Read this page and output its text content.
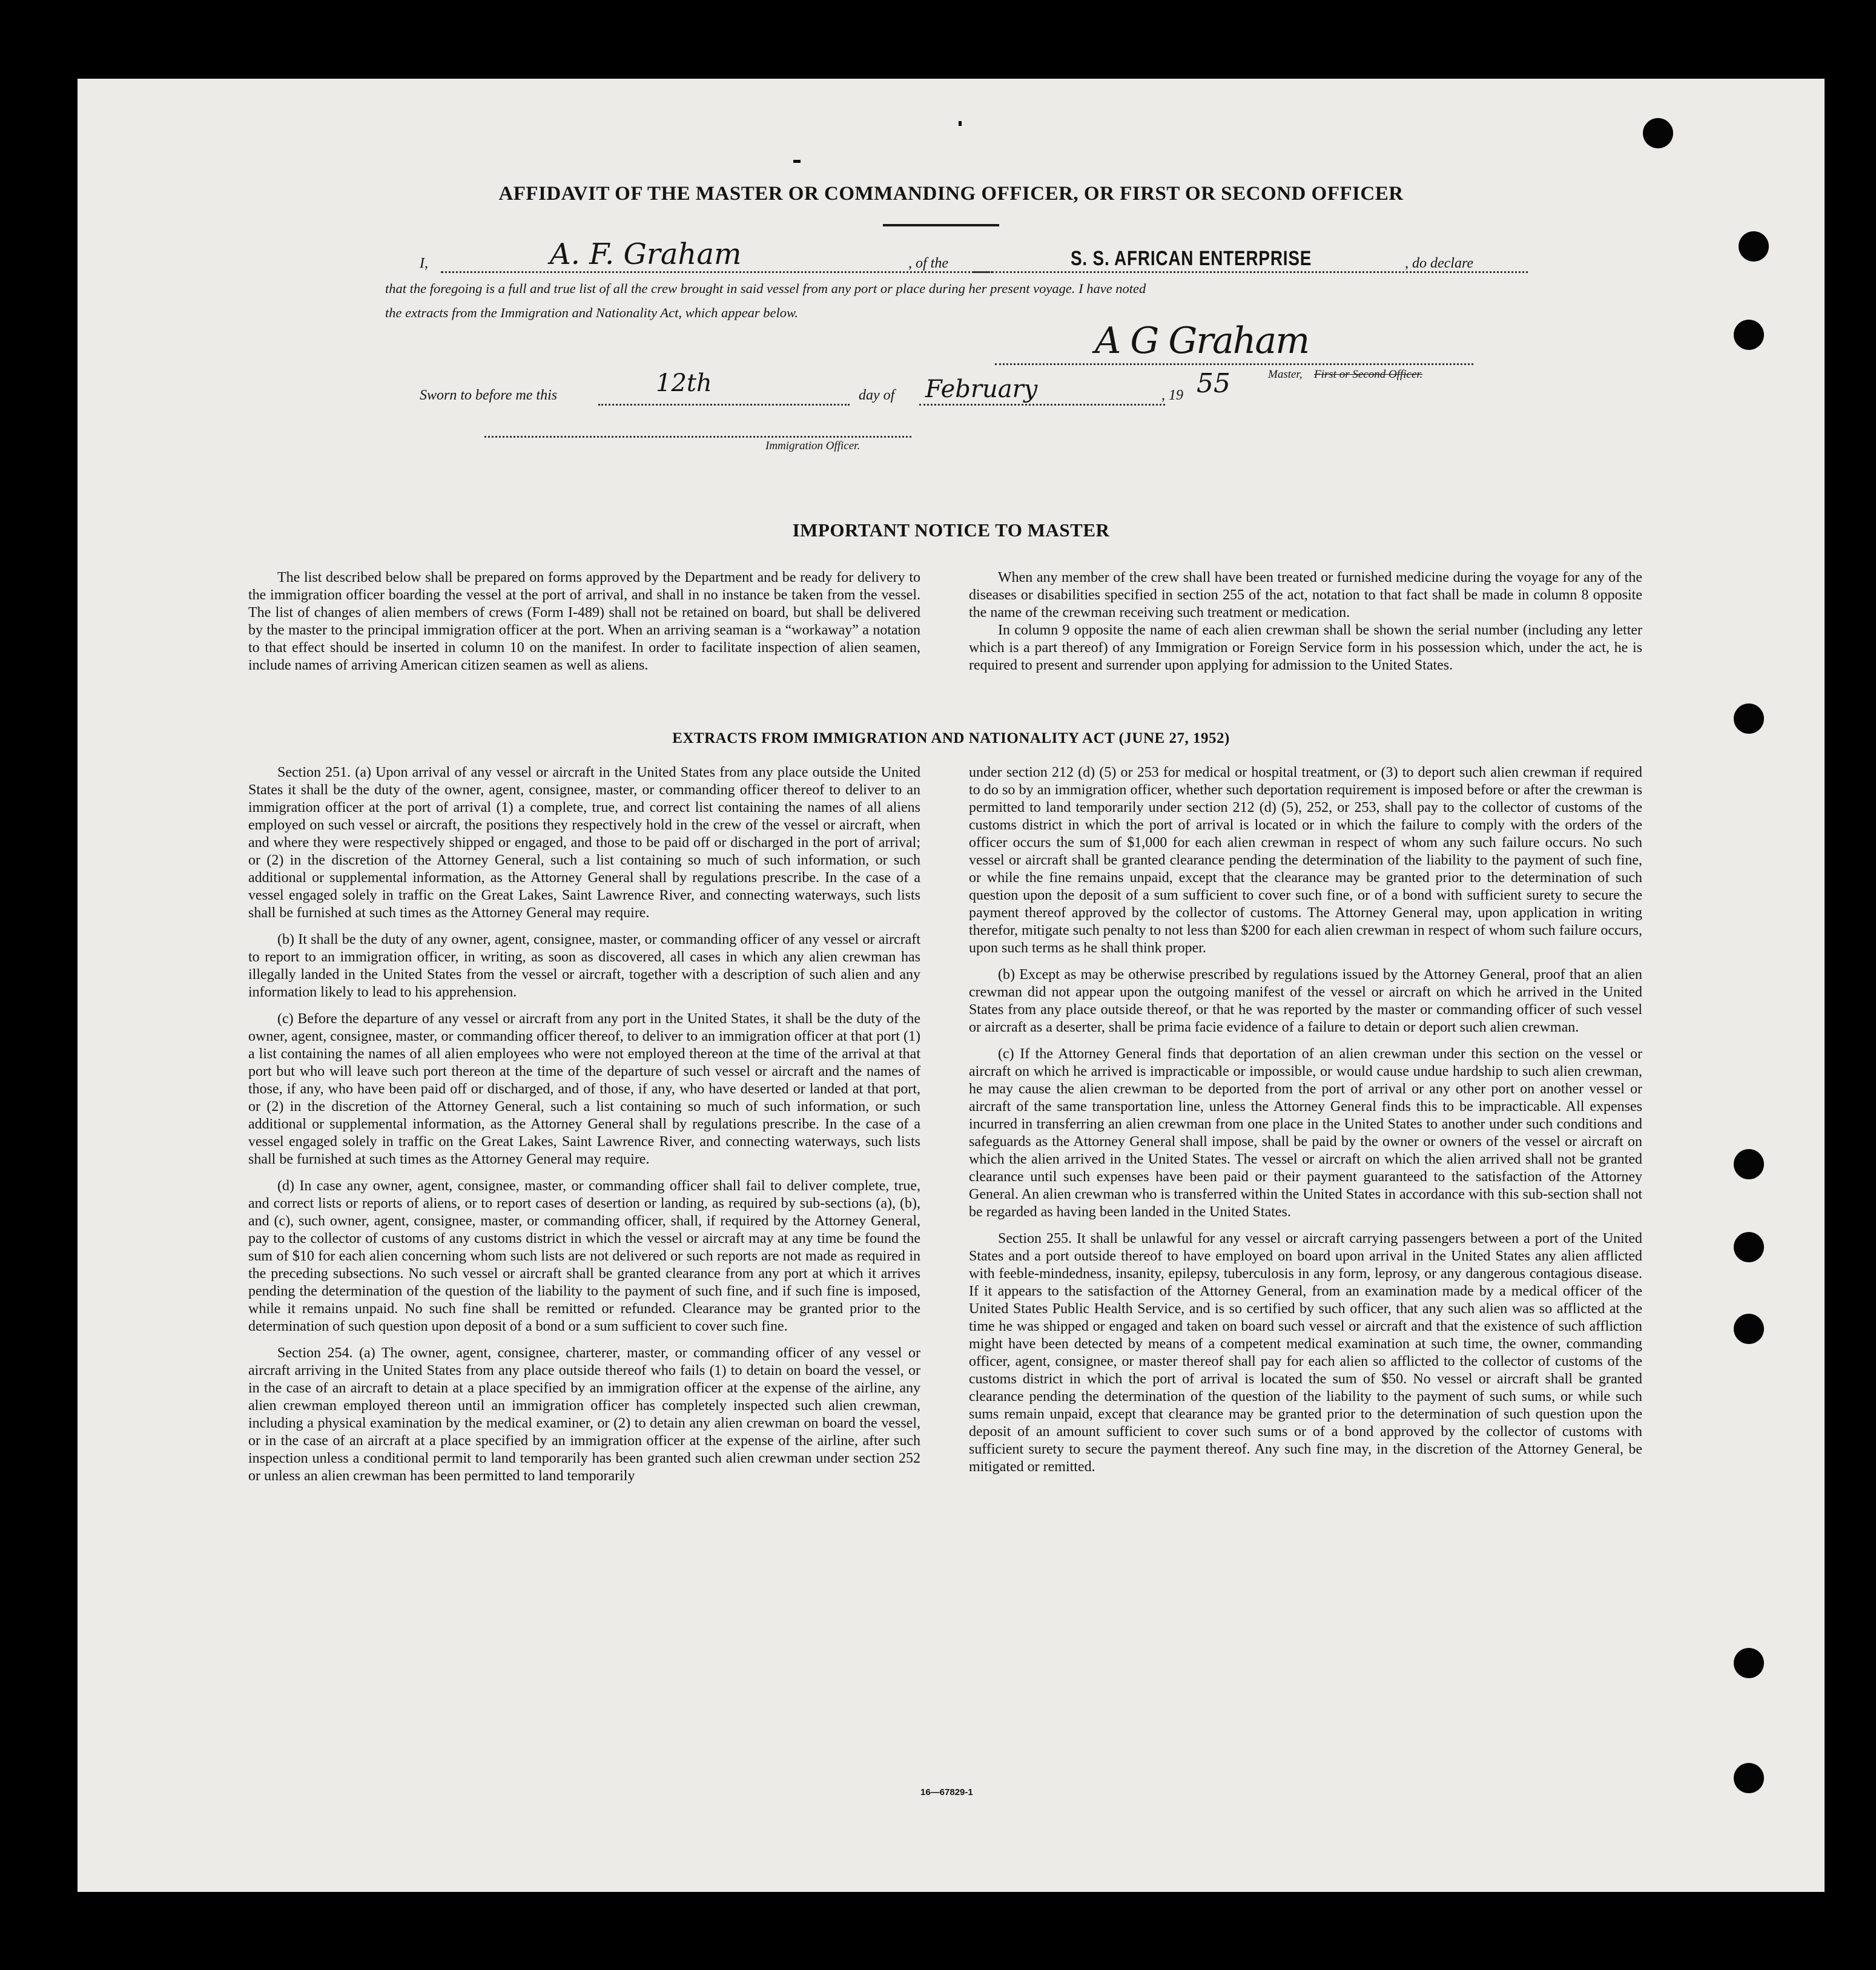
AFFIDAVIT OF THE MASTER OR COMMANDING OFFICER, OR FIRST OR SECOND OFFICER
I,	A. F. Graham	, of the	S. S. AFRICAN ENTERPRISE	, do declare
that the foregoing is a full and true list of all the crew brought in said vessel from any port or place during her present voyage. I have noted
the extracts from the Immigration and Nationality Act, which appear below.
A G Graham
Master, First or Second Officer.
Sworn to before me this	12th	day of February	, 19 55
Immigration Officer.
IMPORTANT NOTICE TO MASTER

The list described below shall be prepared on forms approved by the Department and be ready for delivery to the immigration officer boarding the vessel at the port of arrival, and shall in no instance be taken from the vessel. The list of changes of alien members of crews (Form I-489) shall not be retained on board, but shall be delivered by the master to the principal immigration officer at the port. When an arriving seaman is a “workaway” a notation to that effect should be inserted in column 10 on the manifest. In order to facilitate inspection of alien seamen, include names of arriving American citizen seamen as well as aliens.

When any member of the crew shall have been treated or furnished medicine during the voyage for any of the diseases or disabilities specified in section 255 of the act, notation to that fact shall be made in column 8 opposite the name of the crewman receiving such treatment or medication.

In column 9 opposite the name of each alien crewman shall be shown the serial number (including any letter which is a part thereof) of any Immigration or Foreign Service form in his possession which, under the act, he is required to present and surrender upon applying for admission to the United States.

EXTRACTS FROM IMMIGRATION AND NATIONALITY ACT (JUNE 27, 1952)

Section 251. (a) Upon arrival of any vessel or aircraft in the United States from any place outside the United States it shall be the duty of the owner, agent, consignee, master, or commanding officer thereof to deliver to an immigration officer at the port of arrival (1) a complete, true, and correct list containing the names of all aliens employed on such vessel or aircraft, the positions they respectively hold in the crew of the vessel or aircraft, when and where they were respectively shipped or engaged, and those to be paid off or discharged in the port of arrival; or (2) in the discretion of the Attorney General, such a list containing so much of such information, or such additional or supplemental information, as the Attorney General shall by regulations prescribe. In the case of a vessel engaged solely in traffic on the Great Lakes, Saint Lawrence River, and connecting waterways, such lists shall be furnished at such times as the Attorney General may require.

(b) It shall be the duty of any owner, agent, consignee, master, or commanding officer of any vessel or aircraft to report to an immigration officer, in writing, as soon as discovered, all cases in which any alien crewman has illegally landed in the United States from the vessel or aircraft, together with a description of such alien and any information likely to lead to his apprehension.

(c) Before the departure of any vessel or aircraft from any port in the United States, it shall be the duty of the owner, agent, consignee, master, or commanding officer thereof, to deliver to an immigration officer at that port (1) a list containing the names of all alien employees who were not employed thereon at the time of the arrival at that port but who will leave such port thereon at the time of the departure of such vessel or aircraft and the names of those, if any, who have been paid off or discharged, and of those, if any, who have deserted or landed at that port, or (2) in the discretion of the Attorney General, such a list containing so much of such information, or such additional or supplemental information, as the Attorney General shall by regulations prescribe. In the case of a vessel engaged solely in traffic on the Great Lakes, Saint Lawrence River, and connecting waterways, such lists shall be furnished at such times as the Attorney General may require.

(d) In case any owner, agent, consignee, master, or commanding officer shall fail to deliver complete, true, and correct lists or reports of aliens, or to report cases of desertion or landing, as required by sub-sections (a), (b), and (c), such owner, agent, consignee, master, or commanding officer, shall, if required by the Attorney General, pay to the collector of customs of any customs district in which the vessel or aircraft may at any time be found the sum of $10 for each alien concerning whom such lists are not delivered or such reports are not made as required in the preceding subsections. No such vessel or aircraft shall be granted clearance from any port at which it arrives pending the determination of the question of the liability to the payment of such fine, and if such fine is imposed, while it remains unpaid. No such fine shall be remitted or refunded. Clearance may be granted prior to the determination of such question upon deposit of a bond or a sum sufficient to cover such fine.

Section 254. (a) The owner, agent, consignee, charterer, master, or commanding officer of any vessel or aircraft arriving in the United States from any place outside thereof who fails (1) to detain on board the vessel, or in the case of an aircraft to detain at a place specified by an immigration officer at the expense of the airline, any alien crewman employed thereon until an immigration officer has completely inspected such alien crewman, including a physical examination by the medical examiner, or (2) to detain any alien crewman on board the vessel, or in the case of an aircraft at a place specified by an immigration officer at the expense of the airline, after such inspection unless a conditional permit to land temporarily has been granted such alien crewman under section 252 or unless an alien crewman has been permitted to land temporarily

under section 212 (d) (5) or 253 for medical or hospital treatment, or (3) to deport such alien crewman if required to do so by an immigration officer, whether such deportation requirement is imposed before or after the crewman is permitted to land temporarily under section 212 (d) (5), 252, or 253, shall pay to the collector of customs of the customs district in which the port of arrival is located or in which the failure to comply with the orders of the officer occurs the sum of $1,000 for each alien crewman in respect of whom any such failure occurs. No such vessel or aircraft shall be granted clearance pending the determination of the liability to the payment of such fine, or while the fine remains unpaid, except that the clearance may be granted prior to the determination of such question upon the deposit of a sum sufficient to cover such fine, or of a bond with sufficient surety to secure the payment thereof approved by the collector of customs. The Attorney General may, upon application in writing therefor, mitigate such penalty to not less than $200 for each alien crewman in respect of whom such failure occurs, upon such terms as he shall think proper.

(b) Except as may be otherwise prescribed by regulations issued by the Attorney General, proof that an alien crewman did not appear upon the outgoing manifest of the vessel or aircraft on which he arrived in the United States from any place outside thereof, or that he was reported by the master or commanding officer of such vessel or aircraft as a deserter, shall be prima facie evidence of a failure to detain or deport such alien crewman.

(c) If the Attorney General finds that deportation of an alien crewman under this section on the vessel or aircraft on which he arrived is impracticable or impossible, or would cause undue hardship to such alien crewman, he may cause the alien crewman to be deported from the port of arrival or any other port on another vessel or aircraft of the same transportation line, unless the Attorney General finds this to be impracticable. All expenses incurred in transferring an alien crewman from one place in the United States to another under such conditions and safeguards as the Attorney General shall impose, shall be paid by the owner or owners of the vessel or aircraft on which the alien arrived in the United States. The vessel or aircraft on which the alien arrived shall not be granted clearance until such expenses have been paid or their payment guaranteed to the satisfaction of the Attorney General. An alien crewman who is transferred within the United States in accordance with this sub-section shall not be regarded as having been landed in the United States.

Section 255. It shall be unlawful for any vessel or aircraft carrying passengers between a port of the United States and a port outside thereof to have employed on board upon arrival in the United States any alien afflicted with feeble-mindedness, insanity, epilepsy, tuberculosis in any form, leprosy, or any dangerous contagious disease. If it appears to the satisfaction of the Attorney General, from an examination made by a medical officer of the United States Public Health Service, and is so certified by such officer, that any such alien was so afflicted at the time he was shipped or engaged and taken on board such vessel or aircraft and that the existence of such affliction might have been detected by means of a competent medical examination at such time, the owner, commanding officer, agent, consignee, or master thereof shall pay for each alien so afflicted to the collector of customs of the customs district in which the port of arrival is located the sum of $50. No vessel or aircraft shall be granted clearance pending the determination of the question of the liability to the payment of such sums, or while such sums remain unpaid, except that clearance may be granted prior to the determination of such question upon the deposit of an amount sufficient to cover such sums or of a bond approved by the collector of customs with sufficient surety to secure the payment thereof. Any such fine may, in the discretion of the Attorney General, be mitigated or remitted.

16—67829-1
